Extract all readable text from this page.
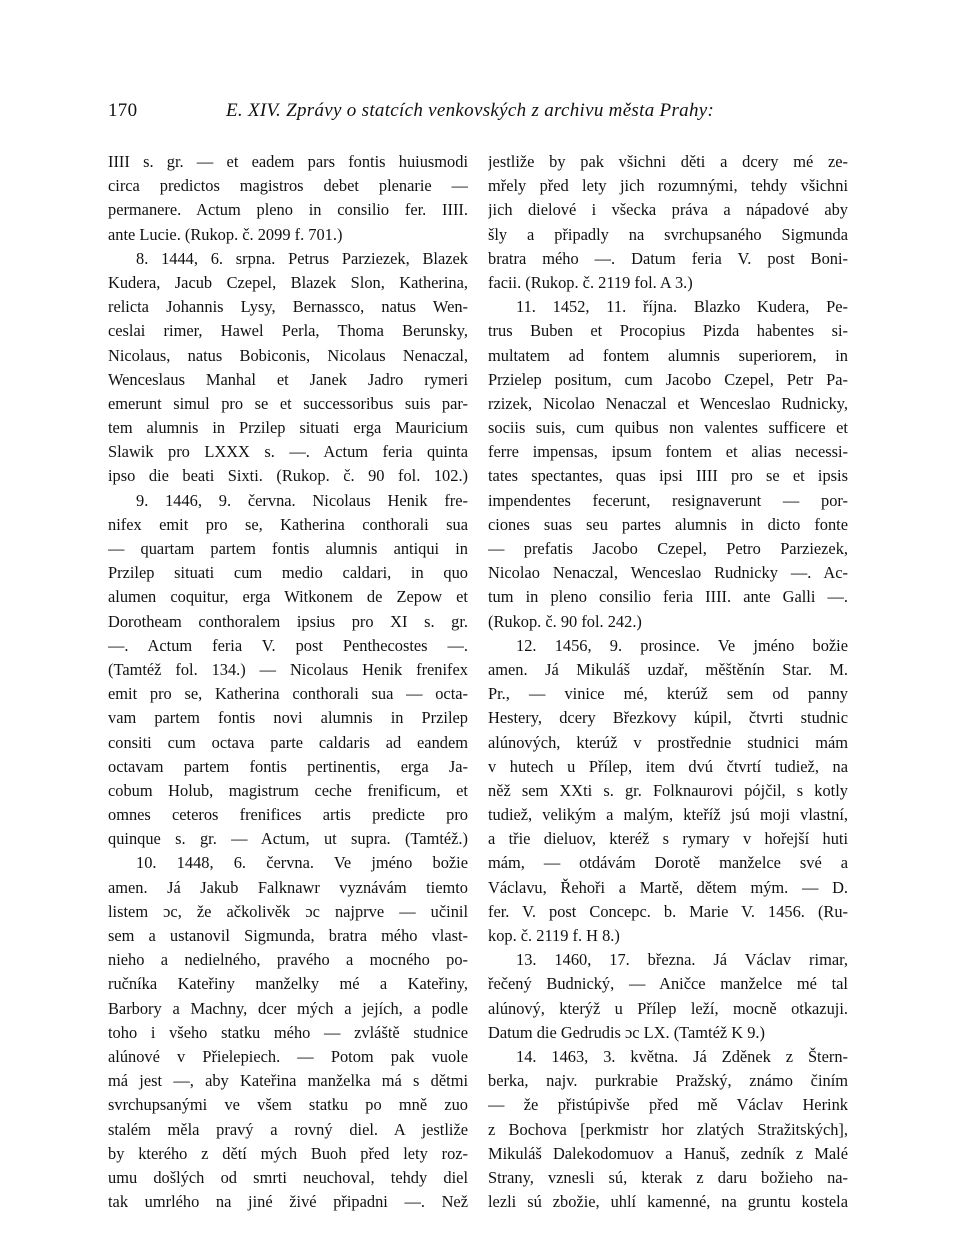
170	E. XIV. Zprávy o statcích venkovských z archivu města Prahy:
IIII s. gr. — et eadem pars fontis huiusmodi
circa predictos magistros debet plenarie —
permanere. Actum pleno in consilio fer. IIII.
ante Lucie. (Rukop. č. 2099 f. 701.)
8. 1444, 6. srpna. Petrus Parziezek, Blazek
Kudera, Jacub Czepel, Blazek Slon, Katherina,
relicta Johannis Lysy, Bernassco, natus Wen-
ceslai rimer, Hawel Perla, Thoma Berunsky,
Nicolaus, natus Bobiconis, Nicolaus Nenaczal,
Wenceslaus Manhal et Janek Jadro rymeri
emerunt simul pro se et successoribus suis par-
tem alumnis in Przilep situati erga Mauricium
Slawik pro LXXX s. —. Actum feria quinta
ipso die beati Sixti. (Rukop. č. 90 fol. 102.)
9. 1446, 9. června. Nicolaus Henik fre-
nifex emit pro se, Katherina conthorali sua
— quartam partem fontis alumnis antiqui in
Przilep situati cum medio caldari, in quo
alumen coquitur, erga Witkonem de Zepow et
Dorotheam conthoralem ipsius pro XI s. gr.
—. Actum feria V. post Penthecostes —.
(Tamtéž fol. 134.) — Nicolaus Henik frenifex
emit pro se, Katherina conthorali sua — octa-
vam partem fontis novi alumnis in Przilep
consiti cum octava parte caldaris ad eandem
octavam partem fontis pertinentis, erga Ja-
cobum Holub, magistrum ceche frenificum, et
omnes ceteros frenifices artis predicte pro
quinque s. gr. — Actum, ut supra. (Tamtéž.)
10. 1448, 6. června. Ve jméno božie
amen. Já Jakub Falknawr vyznávám tiemto
listem ɔc, že ačkolivěk ɔc najprve — učinil
sem a ustanovil Sigmunda, bratra mého vlast-
nieho a nedielného, pravého a mocného po-
ručníka Kateřiny manželky mé a Kateřiny,
Barbory a Machny, dcer mých a jejích, a podle
toho i všeho statku mého — zvláště studnice
alúnové v Přielepiech. — Potom pak vuole
má jest —, aby Kateřina manželka má s dětmi
svrchupsanými ve všem statku po mně zuo
stalém měla pravý a rovný diel. A jestliže
by kterého z dětí mých Buoh před lety roz-
umu došlých od smrti neuchoval, tehdy diel
tak umrlého na jiné živé připadni —. Než
jestliže by pak všichni děti a dcery mé ze-
mřely před lety jich rozumnými, tehdy všichni
jich dielové i všecka práva a nápadové aby
šly a připadly na svrchupsaného Sigmunda
bratra mého —. Datum feria V. post Boni-
facii. (Rukop. č. 2119 fol. A 3.)
11. 1452, 11. října. Blazko Kudera, Pe-
trus Buben et Procopius Pizda habentes si-
multatem ad fontem alumnis superiorem, in
Przielep positum, cum Jacobo Czepel, Petr Pa-
rzizek, Nicolao Nenaczal et Wenceslao Rudnicky,
sociis suis, cum quibus non valentes sufficere et
ferre impensas, ipsum fontem et alias necessi-
tates spectantes, quas ipsi IIII pro se et ipsis
impendentes fecerunt, resignaverunt — por-
ciones suas seu partes alumnis in dicto fonte
— prefatis Jacobo Czepel, Petro Parziezek,
Nicolao Nenaczal, Wenceslao Rudnicky —. Ac-
tum in pleno consilio feria IIII. ante Galli —.
(Rukop. č. 90 fol. 242.)
12. 1456, 9. prosince. Ve jméno božie
amen. Já Mikuláš uzdař, měštěnín Star. M.
Pr., — vinice mé, kterúž sem od panny
Hestery, dcery Březkovy kúpil, čtvrti studnic
alúnových, kterúž v prostřednie studnici mám
v hutech u Přílep, item dvú čtvrtí tudiež, na
něž sem XXti s. gr. Folknaurovi pójčil, s kotly
tudiež, velikým a malým, kteříž jsú moji vlastní,
a třie dieluov, kteréž s rymary v hořejší huti
mám, — otdávám Dorotě manželce své a
Václavu, Řehoři a Martě, dětem mým. — D.
fer. V. post Concepc. b. Marie V. 1456. (Ru-
kop. č. 2119 f. H 8.)
13. 1460, 17. března. Já Václav rimar,
řečený Budnický, — Aničce manželce mé tal
alúnový, kterýž u Přílep leží, mocně otkazuji.
Datum die Gedrudis ɔc LX. (Tamtéž K 9.)
14. 1463, 3. května. Já Zděnek z Štern-
berka, najv. purkrabie Pražský, známo činím
— že přistúpivše před mě Václav Herink
z Bochova [perkmistr hor zlatých Stražitských],
Mikuláš Dalekodomuov a Hanuš, zedník z Malé
Strany, vznesli sú, kterak z daru božieho na-
lezli sú zbožie, uhlí kamenné, na gruntu kostela
